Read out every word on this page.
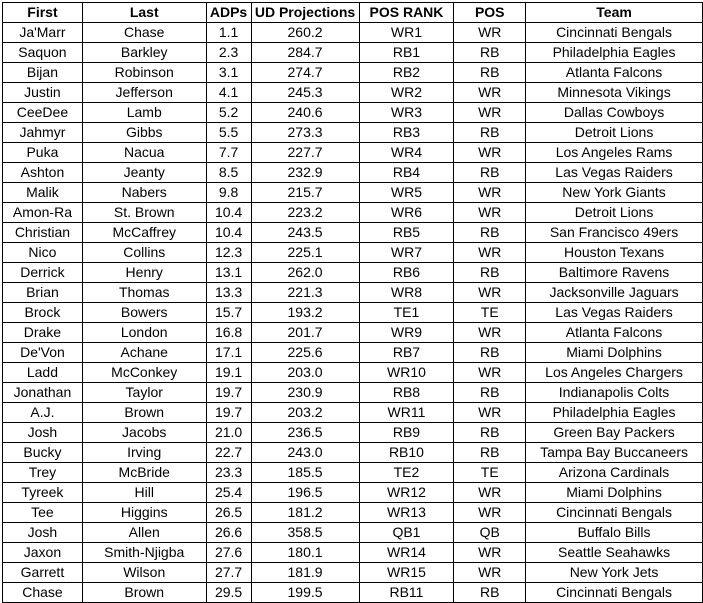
First	Last	ADPs	UD Projections	POS RANK	POS	Team
Ja'Marr	Chase	1.1	260.2	WR1	WR	Cincinnati Bengals
Saquon	Barkley	2.3	284.7	RB1	RB	Philadelphia Eagles
Bijan	Robinson	3.1	274.7	RB2	RB	Atlanta Falcons
Justin	Jefferson	4.1	245.3	WR2	WR	Minnesota Vikings
CeeDee	Lamb	5.2	240.6	WR3	WR	Dallas Cowboys
Jahmyr	Gibbs	5.5	273.3	RB3	RB	Detroit Lions
Puka	Nacua	7.7	227.7	WR4	WR	Los Angeles Rams
Ashton	Jeanty	8.5	232.9	RB4	RB	Las Vegas Raiders
Malik	Nabers	9.8	215.7	WR5	WR	New York Giants
Amon-Ra	St. Brown	10.4	223.2	WR6	WR	Detroit Lions
Christian	McCaffrey	10.4	243.5	RB5	RB	San Francisco 49ers
Nico	Collins	12.3	225.1	WR7	WR	Houston Texans
Derrick	Henry	13.1	262.0	RB6	RB	Baltimore Ravens
Brian	Thomas	13.3	221.3	WR8	WR	Jacksonville Jaguars
Brock	Bowers	15.7	193.2	TE1	TE	Las Vegas Raiders
Drake	London	16.8	201.7	WR9	WR	Atlanta Falcons
De'Von	Achane	17.1	225.6	RB7	RB	Miami Dolphins
Ladd	McConkey	19.1	203.0	WR10	WR	Los Angeles Chargers
Jonathan	Taylor	19.7	230.9	RB8	RB	Indianapolis Colts
A.J.	Brown	19.7	203.2	WR11	WR	Philadelphia Eagles
Josh	Jacobs	21.0	236.5	RB9	RB	Green Bay Packers
Bucky	Irving	22.7	243.0	RB10	RB	Tampa Bay Buccaneers
Trey	McBride	23.3	185.5	TE2	TE	Arizona Cardinals
Tyreek	Hill	25.4	196.5	WR12	WR	Miami Dolphins
Tee	Higgins	26.5	181.2	WR13	WR	Cincinnati Bengals
Josh	Allen	26.6	358.5	QB1	QB	Buffalo Bills
Jaxon	Smith-Njigba	27.6	180.1	WR14	WR	Seattle Seahawks
Garrett	Wilson	27.7	181.9	WR15	WR	New York Jets
Chase	Brown	29.5	199.5	RB11	RB	Cincinnati Bengals
